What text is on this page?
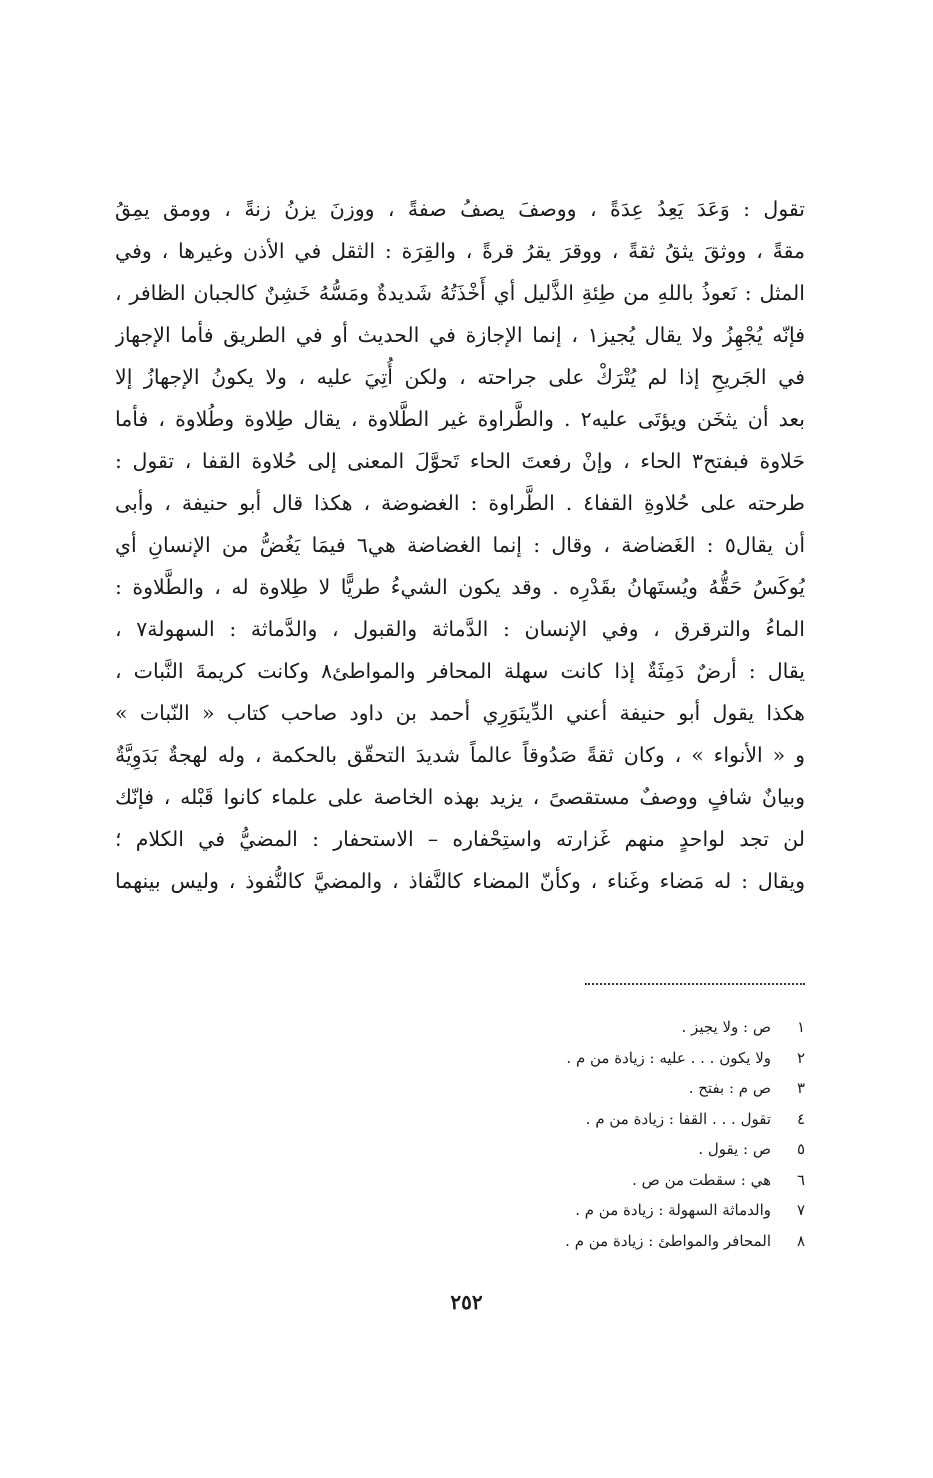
تقول : وَعَدَ يَعِدُ عِدَةً ، ووصفَ يصفُ صفةً ، ووزنَ يزنُ زنةً ، وومق يمِقُ
مقةً ، ووثقَ يثقُ ثقةً ، ووقرَ يقرُ قرةً ، والقِرَة : الثقل في الأذن وغيرها ، وفي
المثل : نَعوذُ باللهِ من طِئةِ الذَّليل أي أَخْذَتُهُ شَديدةٌ ومَسُّهُ خَشِنٌ كالجبان الظافر ،
فإنّه يُجْهِزُ ولا يقال يُجيز١ ، إنما الإجازة في الحديث أو في الطريق فأما الإجهاز
في الجَريحِ إذا لم يُتْرَكْ على جراحته ، ولكن أُتِيَ عليه ، ولا يكونُ الإجهازُ إلا
بعد أن يثخَن ويؤتَى عليه٢ . والطَّراوة غير الطَّلاوة ، يقال طِلاوة وطُلاوة ، فأما
حَلاوة فبفتح٣ الحاء ، وإنْ رفعتَ الحاء تَحوَّلَ المعنى إلى حُلاوة القفا ، تقول :
طرحته على حُلاوةِ القفا٤ . الطَّراوة : الغضوضة ، هكذا قال أبو حنيفة ، وأبى
أن يقال٥ : الغَضاضة ، وقال : إنما الغضاضة هي٦ فيمَا يَغُضُّ من الإنسانِ أي
يُوكَسُ حَقُّهُ ويُستَهانُ بقَدْرِه . وقد يكون الشيءُ طريًّا لا طِلاوة له ، والطَّلاوة :
الماءُ والترقرق ، وفي الإنسان : الدَّماثة والقبول ، والدَّماثة : السهولة٧ ،
يقال : أرضٌ دَمِثَةٌ إذا كانت سهلة المحافر والمواطئ٨ وكانت كريمةَ النَّبات ،
هكذا يقول أبو حنيفة أعني الدِّينَوَرِي أحمد بن داود صاحب كتاب « النّبات »
و « الأنواء » ، وكان ثقةً صَدُوقاً عالماً شديدَ التحقّق بالحكمة ، وله لهجةٌ بَدَوِيَّةٌ
وبيانٌ شافٍ ووصفٌ مستقصىً ، يزيد بهذه الخاصة على علماء كانوا قَبْله ، فإنّك
لن تجد لواحدٍ منهم غَزارته واستِحْفاره – الاستحفار : المضيُّ في الكلام ؛
ويقال : له مَضاء وغَناء ، وكأنّ المضاء كالنَّفاذ ، والمضيَّ كالنُّفوذ ، وليس بينهما
١
ص : ولا يجيز .
٢
ولا يكون . . . عليه : زيادة من م .
٣
ص م : بفتح .
٤
تقول . . . القفا : زيادة من م .
٥
ص : يقول .
٦
هي : سقطت من ص .
٧
والدماثة السهولة : زيادة من م .
٨
المحافر والمواطئ : زيادة من م .
٢٥٢
